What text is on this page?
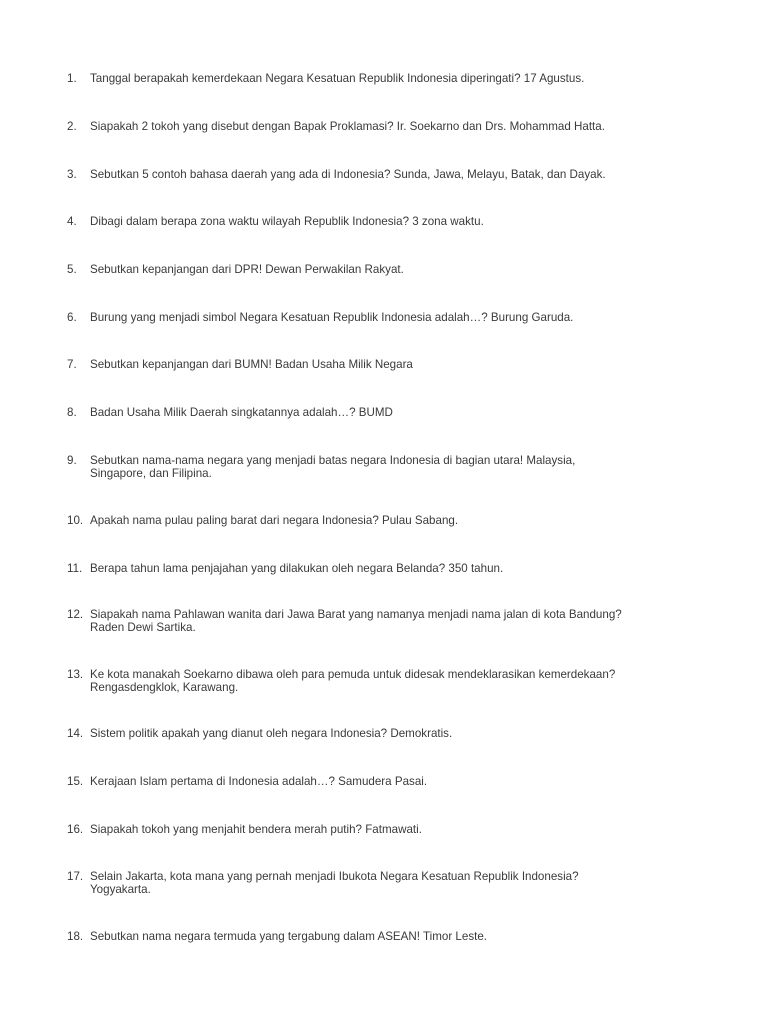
1.	Tanggal berapakah kemerdekaan Negara Kesatuan Republik Indonesia diperingati? 17 Agustus.
2.	Siapakah 2 tokoh yang disebut dengan Bapak Proklamasi? Ir. Soekarno dan Drs. Mohammad Hatta.
3.	Sebutkan 5 contoh bahasa daerah yang ada di Indonesia? Sunda, Jawa, Melayu, Batak, dan Dayak.
4.	Dibagi dalam berapa zona waktu wilayah Republik Indonesia? 3 zona waktu.
5.	Sebutkan kepanjangan dari DPR! Dewan Perwakilan Rakyat.
6.	Burung yang menjadi simbol Negara Kesatuan Republik Indonesia adalah…? Burung Garuda.
7.	Sebutkan kepanjangan dari BUMN! Badan Usaha Milik Negara
8.	Badan Usaha Milik Daerah singkatannya adalah…? BUMD
9.	Sebutkan nama-nama negara yang menjadi batas negara Indonesia di bagian utara! Malaysia,
Singapore, dan Filipina.
10. Apakah nama pulau paling barat dari negara Indonesia? Pulau Sabang.
11. Berapa tahun lama penjajahan yang dilakukan oleh negara Belanda? 350 tahun.
12. Siapakah nama Pahlawan wanita dari Jawa Barat yang namanya menjadi nama jalan di kota Bandung?
Raden Dewi Sartika.
13. Ke kota manakah Soekarno dibawa oleh para pemuda untuk didesak mendeklarasikan kemerdekaan?
Rengasdengklok, Karawang.
14. Sistem politik apakah yang dianut oleh negara Indonesia? Demokratis.
15. Kerajaan Islam pertama di Indonesia adalah…? Samudera Pasai.
16. Siapakah tokoh yang menjahit bendera merah putih? Fatmawati.
17. Selain Jakarta, kota mana yang pernah menjadi Ibukota Negara Kesatuan Republik Indonesia?
Yogyakarta.
18. Sebutkan nama negara termuda yang tergabung dalam ASEAN! Timor Leste.
